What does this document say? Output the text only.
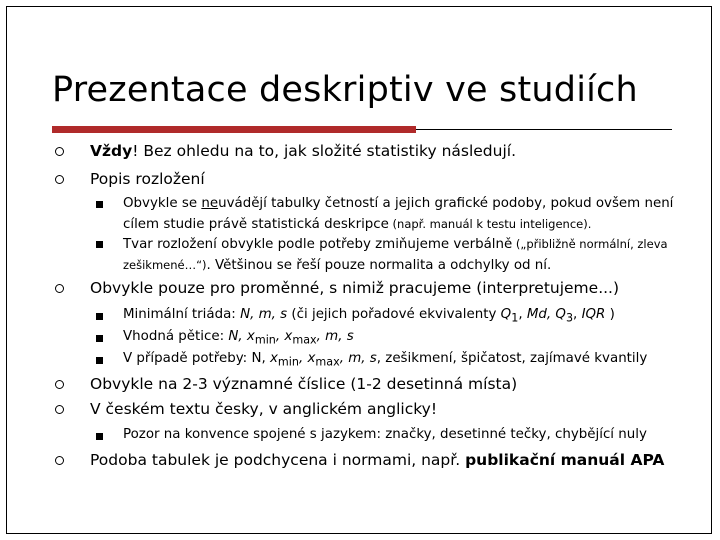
Prezentace deskriptiv ve studiích
Vždy! Bez ohledu na to, jak složité statistiky následují.
Popis rozložení
Obvykle se neuvádějí tabulky četností a jejich grafické podoby, pokud ovšem není cílem studie právě statistická deskripce (např. manuál k testu inteligence).
Tvar rozložení obvykle podle potřeby zmiňujeme verbálně („přibližně normální, zleva zešikmené…“). Většinou se řeší pouze normalita a odchylky od ní.
Obvykle pouze pro proměnné, s nimiž pracujeme (interpretujeme...)
Minimální triáda: N, m, s (či jejich pořadové ekvivalenty $Q_1$, Md, $Q_3$, IQR )
Vhodná pětice: N, $x_{min}$, $x_{max}$, m, s
V případě potřeby: N, $x_{min}$, $x_{max}$, m, s, zešikmení, špičatost, zajímavé kvantily
Obvykle na 2-3 významné číslice (1-2 desetinná místa)
V českém textu česky, v anglickém anglicky!
Pozor na konvence spojené s jazykem: značky, desetinné tečky, chybějící nuly
Podoba tabulek je podchycena i normami, např. publikační manuál APA
